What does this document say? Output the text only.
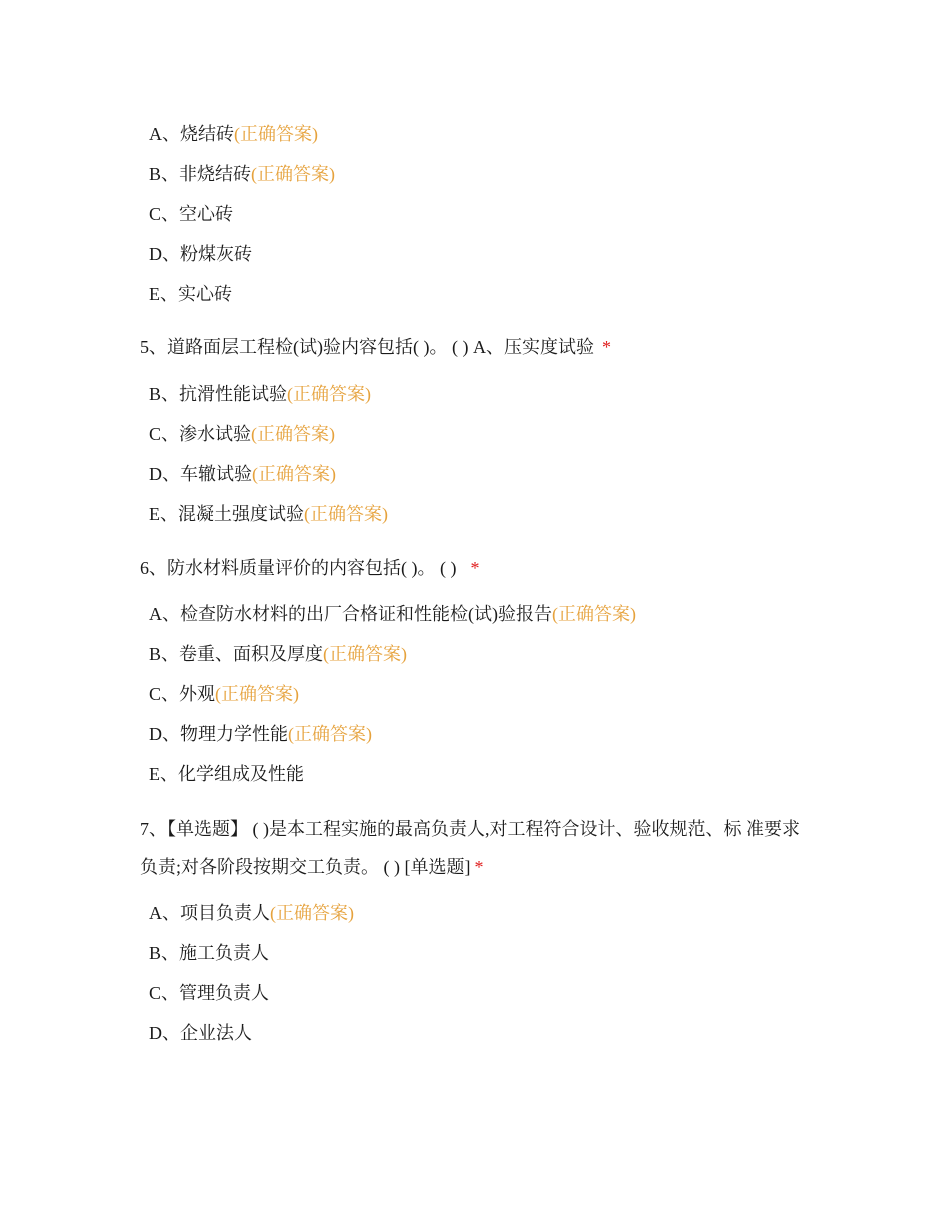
A、烧结砖(正确答案)
B、非烧结砖(正确答案)
C、空心砖
D、粉煤灰砖
E、实心砖
5、道路面层工程检(试)验内容包括( )。 ( ) A、压实度试验 *
B、抗滑性能试验(正确答案)
C、渗水试验(正确答案)
D、车辙试验(正确答案)
E、混凝土强度试验(正确答案)
6、防水材料质量评价的内容包括( )。 ( ) *
A、检查防水材料的出厂合格证和性能检(试)验报告(正确答案)
B、卷重、面积及厚度(正确答案)
C、外观(正确答案)
D、物理力学性能(正确答案)
E、化学组成及性能
7、【单选题】 ( )是本工程实施的最高负责人,对工程符合设计、验收规范、标 准要求负责;对各阶段按期交工负责。 ( ) [单选题] *
A、项目负责人(正确答案)
B、施工负责人
C、管理负责人
D、企业法人
